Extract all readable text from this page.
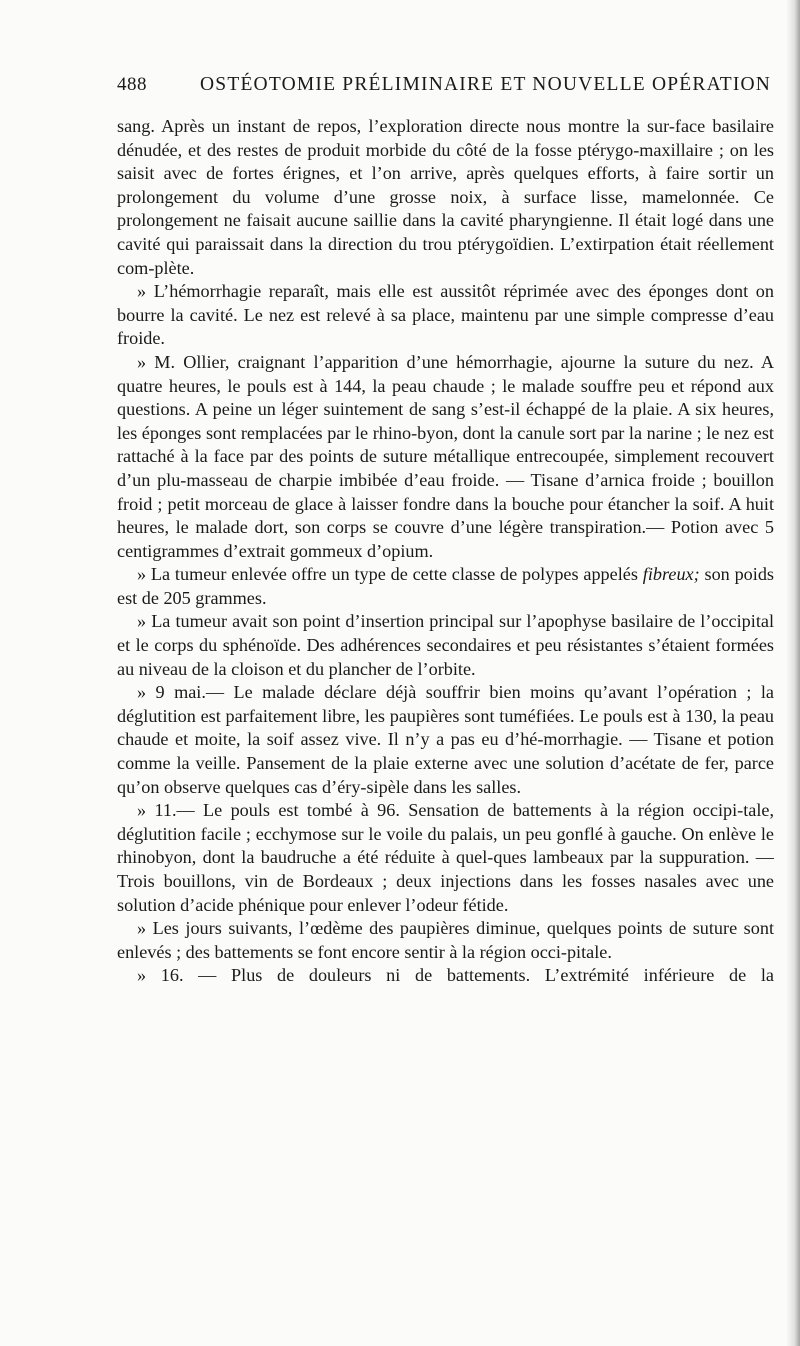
488	OSTÉOTOMIE PRÉLIMINAIRE ET NOUVELLE OPÉRATION

sang. Après un instant de repos, l’exploration directe nous montre la sur-face basilaire dénudée, et des restes de produit morbide du côté de la fosse ptérygo-maxillaire ; on les saisit avec de fortes érignes, et l’on arrive, après quelques efforts, à faire sortir un prolongement du volume d’une grosse noix, à surface lisse, mamelonnée. Ce prolongement ne faisait aucune saillie dans la cavité pharyngienne. Il était logé dans une cavité qui paraissait dans la direction du trou ptérygoïdien. L’extirpation était réellement com-plète.

» L’hémorrhagie reparaît, mais elle est aussitôt réprimée avec des éponges dont on bourre la cavité. Le nez est relevé à sa place, maintenu par une simple compresse d’eau froide.

» M. Ollier, craignant l’apparition d’une hémorrhagie, ajourne la suture du nez. A quatre heures, le pouls est à 144, la peau chaude ; le malade souffre peu et répond aux questions. A peine un léger suintement de sang s’est-il échappé de la plaie. A six heures, les éponges sont remplacées par le rhino-byon, dont la canule sort par la narine ; le nez est rattaché à la face par des points de suture métallique entrecoupée, simplement recouvert d’un plu-masseau de charpie imbibée d’eau froide. — Tisane d’arnica froide ; bouillon froid ; petit morceau de glace à laisser fondre dans la bouche pour étancher la soif. A huit heures, le malade dort, son corps se couvre d’une légère transpiration.— Potion avec 5 centigrammes d’extrait gommeux d’opium.

» La tumeur enlevée offre un type de cette classe de polypes appelés fibreux; son poids est de 205 grammes.

» La tumeur avait son point d’insertion principal sur l’apophyse basilaire de l’occipital et le corps du sphénoïde. Des adhérences secondaires et peu résistantes s’étaient formées au niveau de la cloison et du plancher de l’orbite.

» 9 mai.— Le malade déclare déjà souffrir bien moins qu’avant l’opération ; la déglutition est parfaitement libre, les paupières sont tuméfiées. Le pouls est à 130, la peau chaude et moite, la soif assez vive. Il n’y a pas eu d’hé-morrhagie. — Tisane et potion comme la veille. Pansement de la plaie externe avec une solution d’acétate de fer, parce qu’on observe quelques cas d’éry-sipèle dans les salles.

» 11.— Le pouls est tombé à 96. Sensation de battements à la région occipi-tale, déglutition facile ; ecchymose sur le voile du palais, un peu gonflé à gauche. On enlève le rhinobyon, dont la baudruche a été réduite à quel-ques lambeaux par la suppuration. — Trois bouillons, vin de Bordeaux ; deux injections dans les fosses nasales avec une solution d’acide phénique pour enlever l’odeur fétide.

» Les jours suivants, l’œdème des paupières diminue, quelques points de suture sont enlevés ; des battements se font encore sentir à la région occi-pitale.

» 16. — Plus de douleurs ni de battements. L’extrémité inférieure de la
